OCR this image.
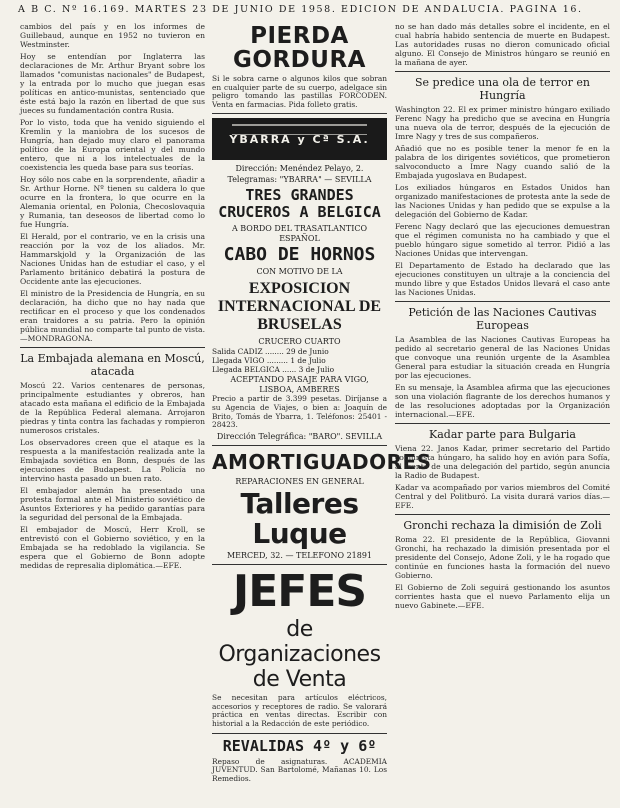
A B C. Nº 16.169. MARTES 23 DE JUNIO DE 1958. EDICION DE ANDALUCIA. PAGINA 16.

cambios del país y en los informes de Guillebaud, aunque en 1952 no tuvieron en Westminster.

Hoy se entendían por Inglaterra las declaraciones de Mr. Arthur Bryant sobre los llamados "comunistas nacionales" de Budapest, y la entrada por lo mucho que juegan esas políticas en antico-munistas, sentenciado que éste está bajo la razón en libertad de que sus jueces su fundamentación contra Rusia.

Por lo visto, toda que ha venido siguiendo el Kremlin y la maniobra de los sucesos de Hungría, han dejado muy claro el panorama político de la Europa oriental y del mundo entero, que ni a los intelectuales de la coexistencia les queda base para sus teorías.

Hoy sólo nos cabe en la sorprendente, añadir a Sr. Arthur Horne. Nº tienen su caldera lo que ocurre en la frontera, lo que ocurre en la Alemania oriental, en Polonia, Checoslovaquia y Rumania, tan deseosos de libertad como lo fue Hungría.

El Herald, por el contrario, ve en la crisis una reacción por la voz de los aliados. Mr. Hammarskjold y la Organización de las Naciones Unidas han de estudiar el caso, y el Parlamento británico debatirá la postura de Occidente ante las ejecuciones.

El ministro de la Presidencia de Hungría, en su declaración, ha dicho que no hay nada que rectificar en el proceso y que los condenados eran traidores a su patria. Pero la opinión pública mundial no comparte tal punto de vista.—MONDRAGONA.

La Embajada alemana en Moscú, atacada

Moscú 22. Varios centenares de personas, principalmente estudiantes y obreros, han atacado esta mañana el edificio de la Embajada de la República Federal alemana. Arrojaron piedras y tinta contra las fachadas y rompieron numerosos cristales.

Los observadores creen que el ataque es la respuesta a la manifestación realizada ante la Embajada soviética en Bonn, después de las ejecuciones de Budapest. La Policía no intervino hasta pasado un buen rato.

El embajador alemán ha presentado una protesta formal ante el Ministerio soviético de Asuntos Exteriores y ha pedido garantías para la seguridad del personal de la Embajada.

El embajador de Moscú, Herr Kroll, se entrevistó con el Gobierno soviético, y en la Embajada se ha redoblado la vigilancia. Se espera que el Gobierno de Bonn adopte medidas de represalia diplomática.—EFE.

PIERDA GORDURA

Si le sobra carne o algunos kilos que sobran en cualquier parte de su cuerpo, adelgace sin peligro tomando las pastillas FORCODEN. Venta en farmacias. Pida folleto gratis.

YBARRA y Cª S.A.
Dirección: Menéndez Pelayo, 2.
Telegramas: "YBARRA" — SEVILLA
TRES GRANDES CRUCEROS A BELGICA
A BORDO DEL TRASATLANTICO ESPAÑOL
CABO DE HORNOS
CON MOTIVO DE LA
EXPOSICION INTERNACIONAL DE BRUSELAS
CRUCERO CUARTO
Salida CADIZ ........ 29 de Junio
Llegada VIGO ......... 1 de Julio
Llegada BELGICA ...... 3 de Julio
ACEPTANDO PASAJE PARA VIGO, LISBOA, AMBERES

Precio a partir de 3.399 pesetas. Diríjanse a su Agencia de Viajes, o bien a: Joaquín de Brito, Tomás de Ybarra, 1. Teléfonos: 25401 - 28423.

Dirección Telegráfica: "BARO". SEVILLA
AMORTIGUADORES
REPARACIONES EN GENERAL
Talleres Luque
MERCED, 32. — TELEFONO 21891
JEFES
de Organizaciones de Venta

Se necesitan para artículos eléctricos, accesorios y receptores de radio. Se valorará práctica en ventas directas. Escribir con historial a la Redacción de este periódico.

REVALIDAS 4º y 6º

Repaso de asignaturas. ACADEMIA JUVENTUD. San Bartolomé, Mañanas 10. Los Remedios.

no se han dado más detalles sobre el incidente, en el cual habría habido sentencia de muerte en Budapest. Las autoridades rusas no dieron comunicado oficial alguno. El Consejo de Ministros húngaro se reunió en la mañana de ayer.

Se predice una ola de terror en Hungría

Washington 22. El ex primer ministro húngaro exiliado Ferenc Nagy ha predicho que se avecina en Hungría una nueva ola de terror, después de la ejecución de Imre Nagy y tres de sus compañeros.

Añadió que no es posible tener la menor fe en la palabra de los dirigentes soviéticos, que prometieron salvoconducto a Imre Nagy cuando salió de la Embajada yugoslava en Budapest.

Los exiliados húngaros en Estados Unidos han organizado manifestaciones de protesta ante la sede de las Naciones Unidas y han pedido que se expulse a la delegación del Gobierno de Kadar.

Ferenc Nagy declaró que las ejecuciones demuestran que el régimen comunista no ha cambiado y que el pueblo húngaro sigue sometido al terror. Pidió a las Naciones Unidas que intervengan.

El Departamento de Estado ha declarado que las ejecuciones constituyen un ultraje a la conciencia del mundo libre y que Estados Unidos llevará el caso ante las Naciones Unidas.

Petición de las Naciones Cautivas Europeas

La Asamblea de las Naciones Cautivas Europeas ha pedido al secretario general de las Naciones Unidas que convoque una reunión urgente de la Asamblea General para estudiar la situación creada en Hungría por las ejecuciones.

En su mensaje, la Asamblea afirma que las ejecuciones son una violación flagrante de los derechos humanos y de las resoluciones adoptadas por la Organización internacional.—EFE.

Kadar parte para Bulgaria

Viena 22. Janos Kadar, primer secretario del Partido comunista húngaro, ha salido hoy en avión para Sofía, al frente de una delegación del partido, según anuncia la Radio de Budapest.

Kadar va acompañado por varios miembros del Comité Central y del Politburó. La visita durará varios días.—EFE.

Gronchi rechaza la dimisión de Zoli

Roma 22. El presidente de la República, Giovanni Gronchi, ha rechazado la dimisión presentada por el presidente del Consejo, Adone Zoli, y le ha rogado que continúe en funciones hasta la formación del nuevo Gobierno.

El Gobierno de Zoli seguirá gestionando los asuntos corrientes hasta que el nuevo Parlamento elija un nuevo Gabinete.—EFE.
